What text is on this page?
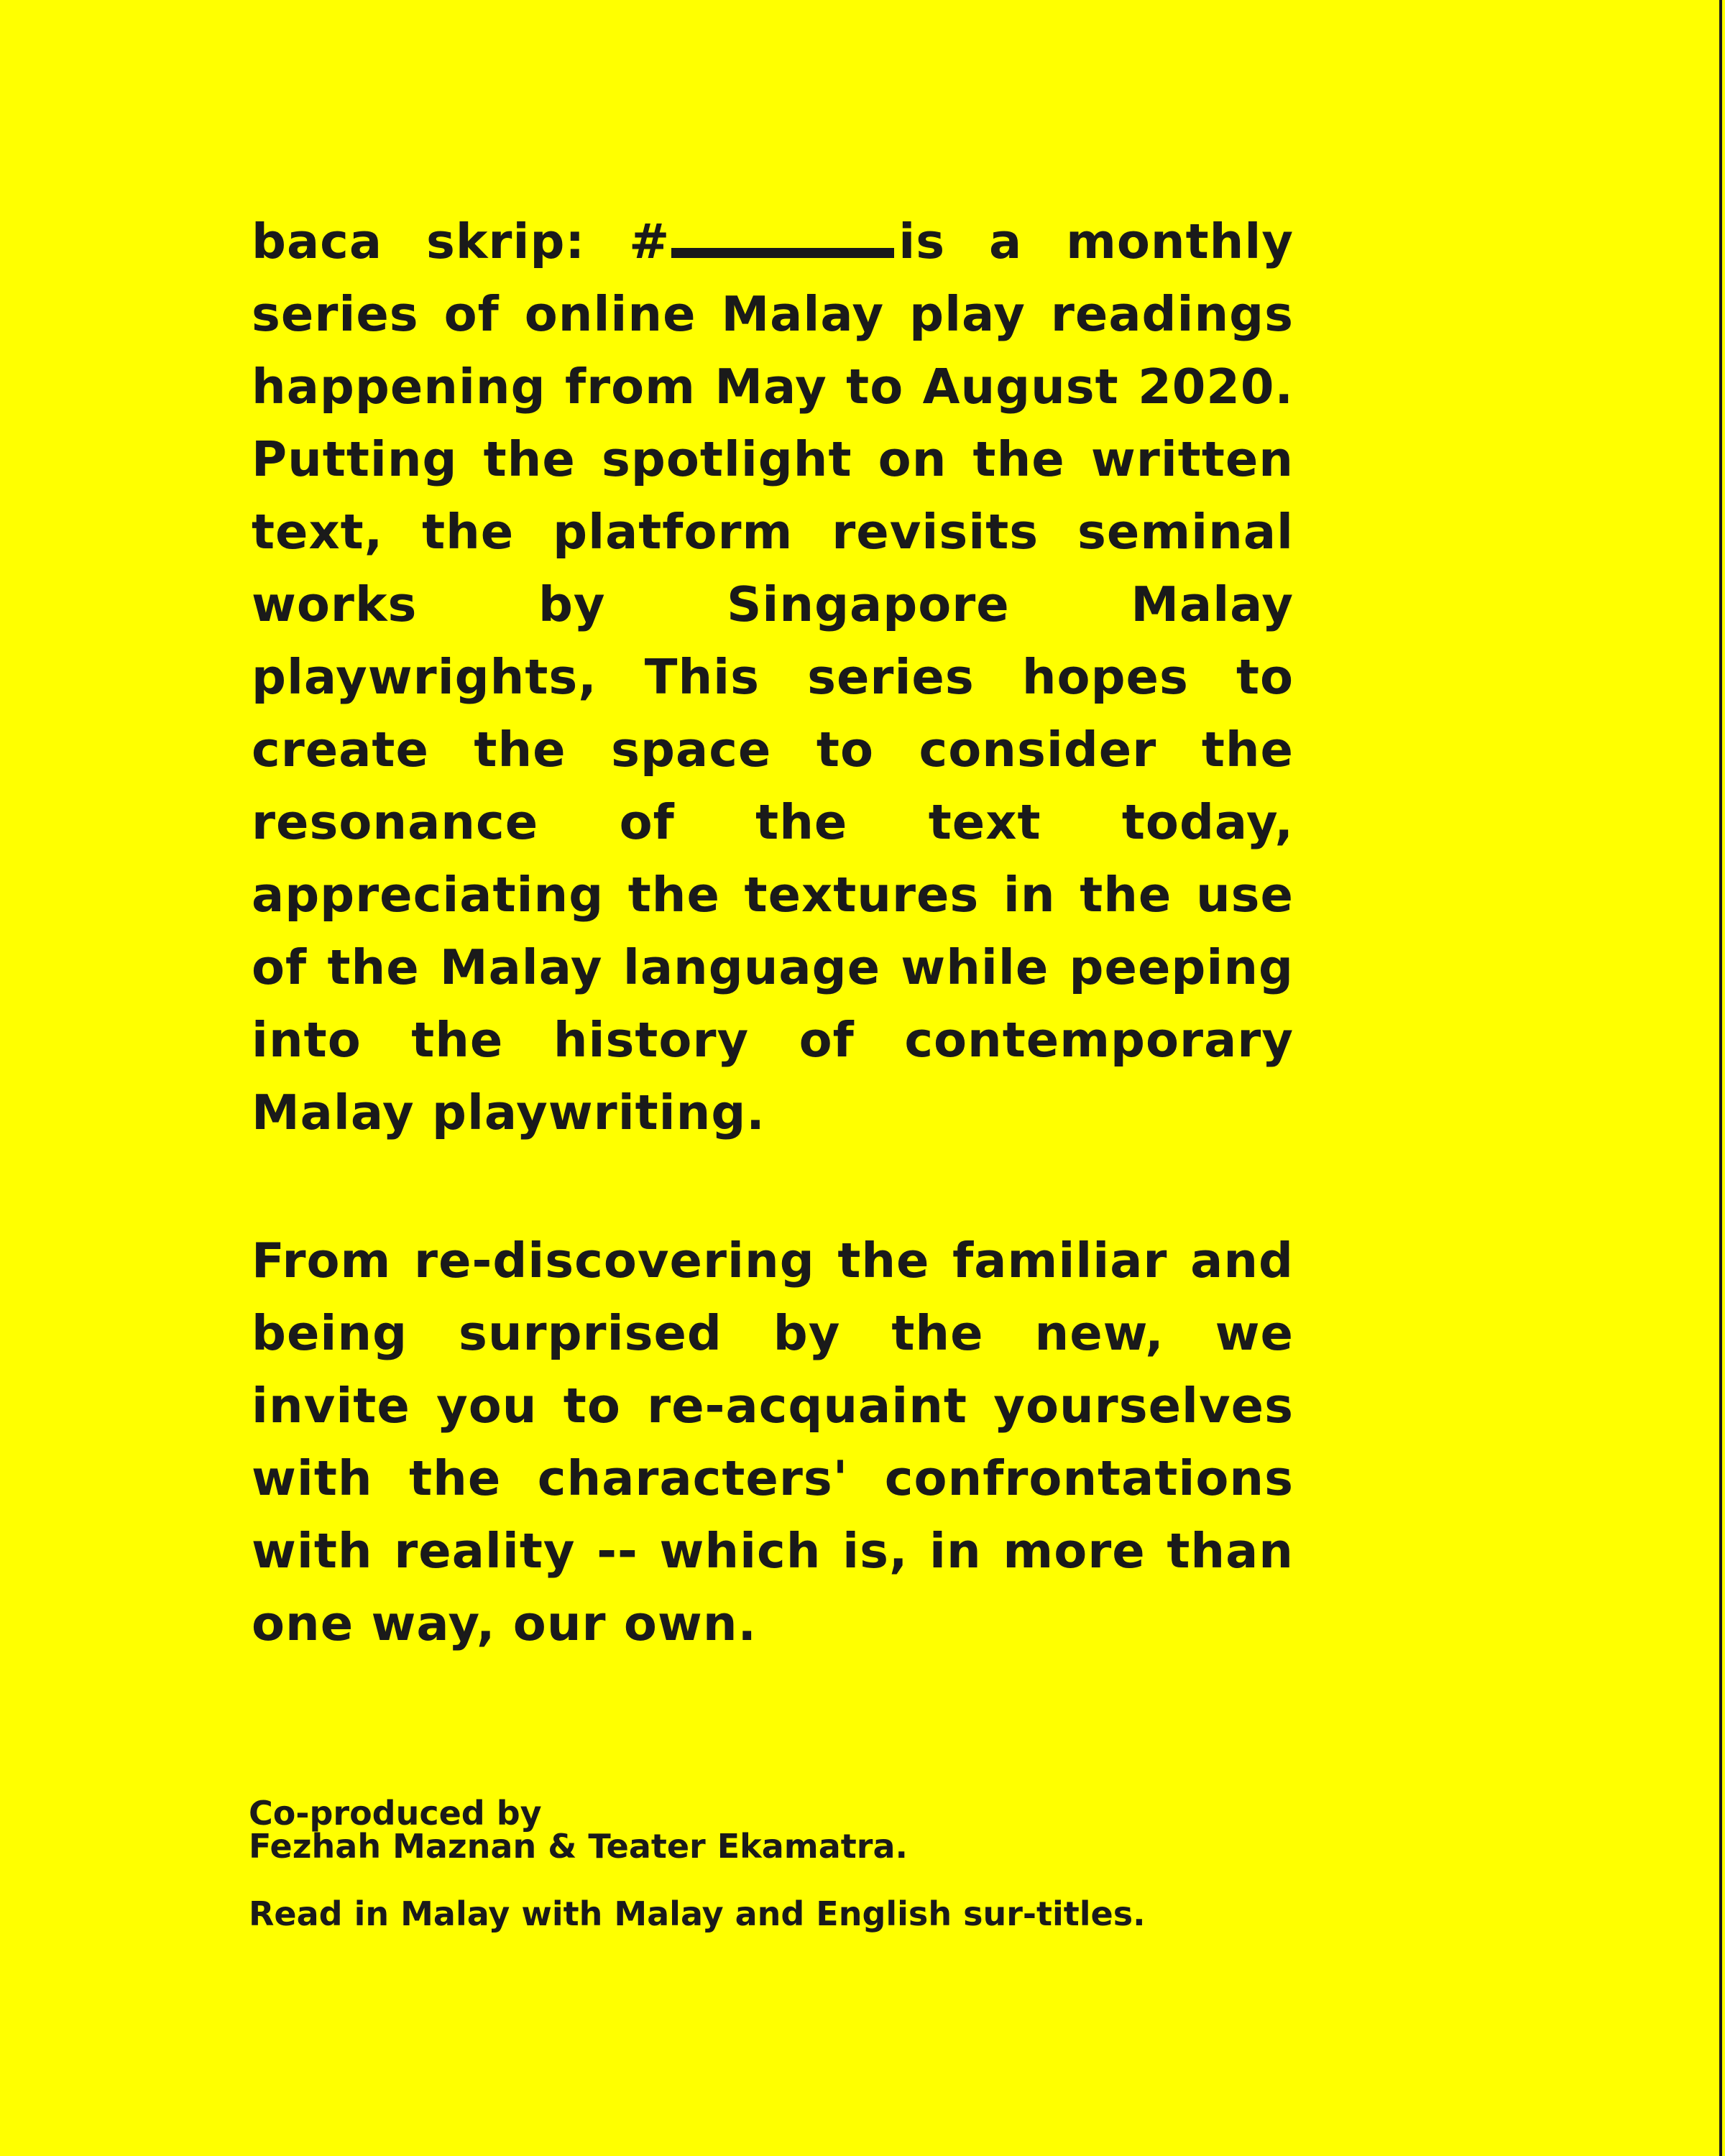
baca skrip: #	is a monthly series of online Malay play readings happening from May to August 2020. Putting the spotlight on the written text, the platform revisits seminal works by Singapore Malay playwrights, This series hopes to create the space to consider the resonance of the text today, appreciating the textures in the use of the Malay language while peeping into the history of contemporary Malay playwriting.
From re-discovering the familiar and being surprised by the new, we invite you to re-acquaint yourselves with the characters' confrontations with reality -- which is, in more than one way, our own.
Co-produced by
Fezhah Maznan & Teater Ekamatra.
Read in Malay with Malay and English sur-titles.
